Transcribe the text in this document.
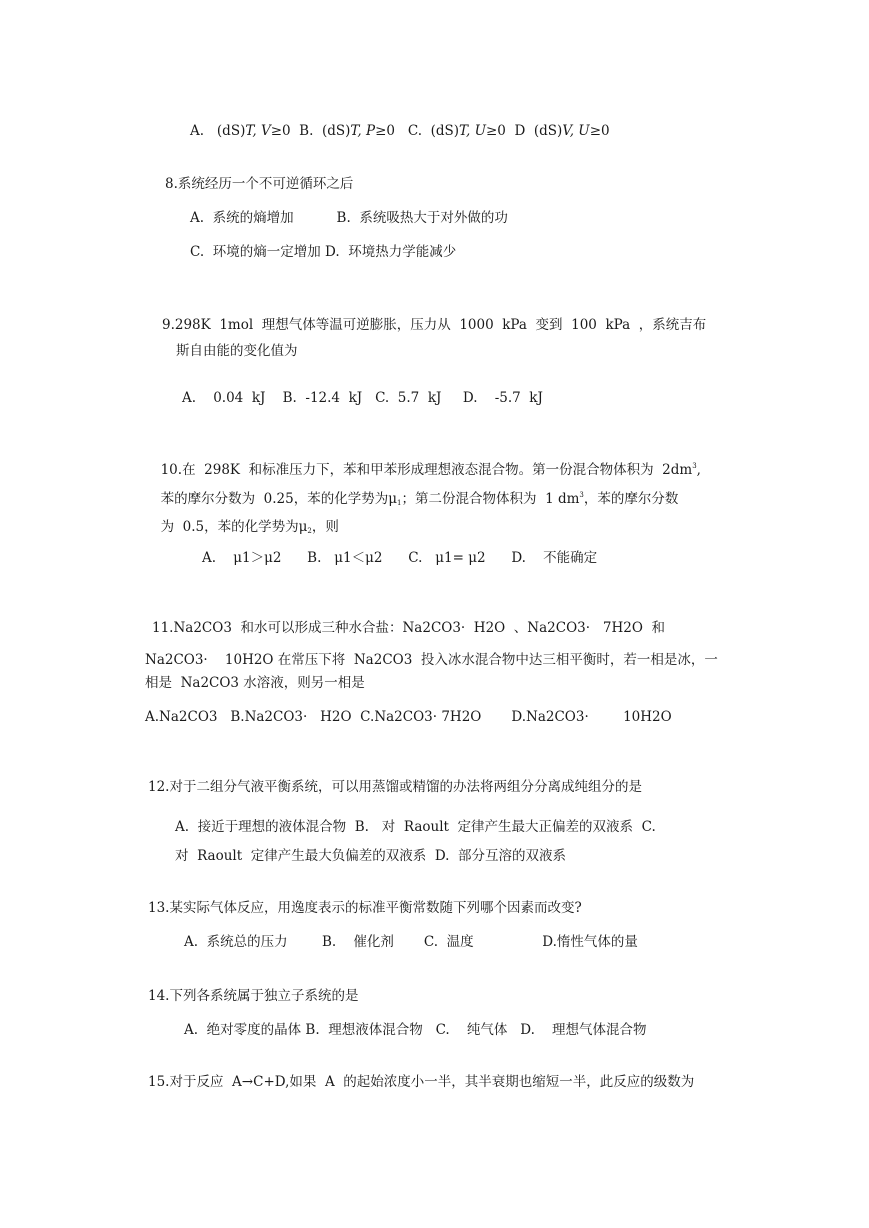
A.   (dS)T, V≥0  B.  (dS)T, P≥0   C.  (dS)T, U≥0  D  (dS)V, U≥0
8.系统经历一个不可逆循环之后
A.  系统的熵增加          B.  系统吸热大于对外做的功
C.  环境的熵一定增加 D.  环境热力学能减少
9.298K  1mol  理想气体等温可逆膨胀，压力从  1000  kPa  变到  100  kPa  ，系统吉布
斯自由能的变化值为
A.    0.04  kJ    B.  -12.4  kJ   C.  5.7  kJ     D.    -5.7  kJ

10.在  298K  和标准压力下，苯和甲苯形成理想液态混合物。第一份混合物体积为  $2dm^3$,

苯的摩尔分数为  0.25，苯的化学势为$\mu_1$；第二份混合物体积为  1 $dm^3$，苯的摩尔分数

为  0.5，苯的化学势为$\mu_2$，则

A.    μ1＞μ2      B.   μ1＜μ2      C.   μ1= μ2      D.    不能确定
11.Na2CO3  和水可以形成三种水合盐：Na2CO3·  H2O  、Na2CO3·   7H2O  和
Na2CO3·    10H2O 在常压下将  Na2CO3  投入冰水混合物中达三相平衡时，若一相是冰，一
相是  Na2CO3 水溶液，则另一相是
A.Na2CO3   B.Na2CO3·   H2O  C.Na2CO3· 7H2O       D.Na2CO3·        10H2O
12.对于二组分气液平衡系统，可以用蒸馏或精馏的办法将两组分分离成纯组分的是
A.  接近于理想的液体混合物  B.   对  Raoult  定律产生最大正偏差的双液系  C.
对  Raoult  定律产生最大负偏差的双液系  D.  部分互溶的双液系
13.某实际气体反应，用逸度表示的标准平衡常数随下列哪个因素而改变?
A.  系统总的压力        B.    催化剂       C.  温度                D.惰性气体的量
14.下列各系统属于独立子系统的是
A.  绝对零度的晶体 B.  理想液体混合物   C.    纯气体   D.    理想气体混合物
15.对于反应  A→C+D,如果  A  的起始浓度小一半，其半衰期也缩短一半，此反应的级数为
